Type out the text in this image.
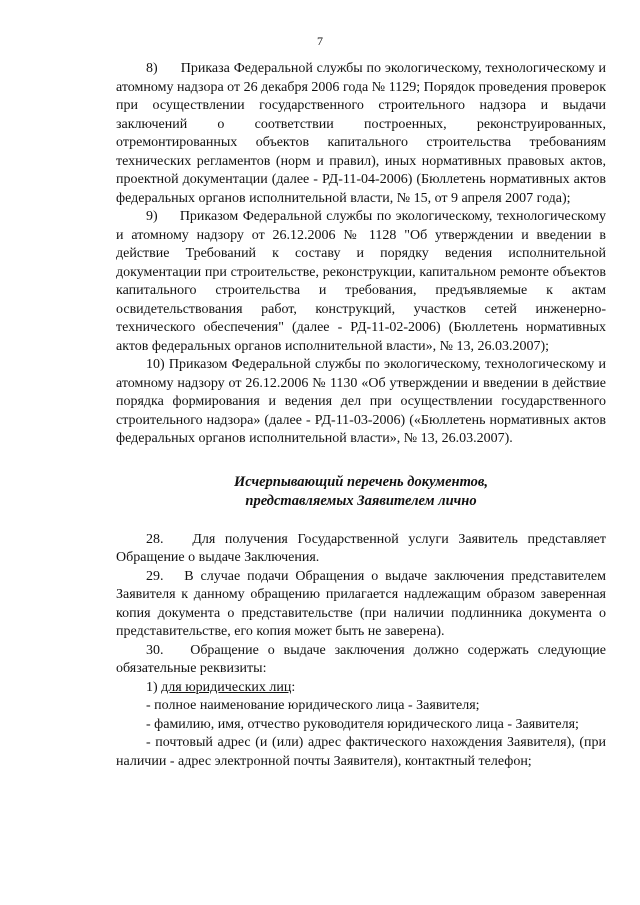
7

8)      Приказа Федеральной службы по экологическому, технологическому и атомному надзора от 26 декабря 2006 года № 1129; Порядок проведения проверок при осуществлении государственного строительного надзора и выдачи заключений о соответствии построенных, реконструированных, отремонтированных объектов капитального строительства требованиям технических регламентов (норм и правил), иных нормативных правовых актов, проектной документации (далее - РД-11-04-2006) (Бюллетень нормативных актов федеральных органов исполнительной власти, № 15, от 9 апреля 2007 года);

9)     Приказом Федеральной службы по экологическому, технологическому и атомному надзору от 26.12.2006 № 1128 "Об утверждении и введении в действие Требований к составу и порядку ведения исполнительной документации при строительстве, реконструкции, капитальном ремонте объектов капитального строительства и требования, предъявляемые к актам освидетельствования работ, конструкций, участков сетей инженерно-технического обеспечения" (далее - РД-11-02-2006) (Бюллетень нормативных актов федеральных органов исполнительной власти», № 13, 26.03.2007);

10) Приказом Федеральной службы по экологическому, технологическому и атомному надзору от 26.12.2006 № 1130 «Об утверждении и введении в действие порядка формирования и ведения дел при осуществлении государственного строительного надзора» (далее - РД-11-03-2006) («Бюллетень нормативных актов федеральных органов исполнительной власти», № 13, 26.03.2007).

Исчерпывающий перечень документов,
представляемых Заявителем лично

28.   Для получения Государственной услуги Заявитель представляет Обращение о выдаче Заключения.

29.   В случае подачи Обращения о выдаче заключения представителем Заявителя к данному обращению прилагается надлежащим образом заверенная копия документа о представительстве (при наличии подлинника документа о представительстве, его копия может быть не заверена).

30.   Обращение о выдаче заключения должно содержать следующие обязательные реквизиты:

1) для юридических лиц:

- полное наименование юридического лица - Заявителя;

- фамилию, имя, отчество руководителя юридического лица - Заявителя;

- почтовый адрес (и (или) адрес фактического нахождения Заявителя), (при наличии - адрес электронной почты Заявителя), контактный телефон;
